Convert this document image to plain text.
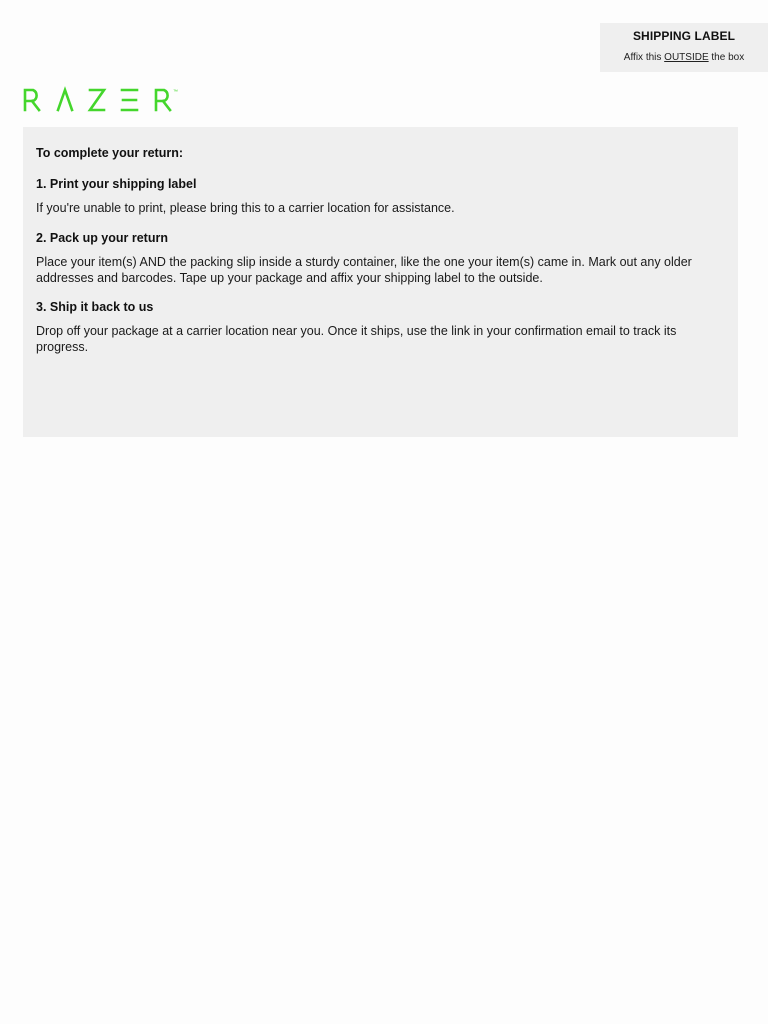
SHIPPING LABEL
Affix this OUTSIDE the box
™
To complete your return:
1. Print your shipping label
If you're unable to print, please bring this to a carrier location for assistance.
2. Pack up your return
Place your item(s) AND the packing slip inside a sturdy container, like the one your item(s) came in. Mark out any older addresses and barcodes. Tape up your package and affix your shipping label to the outside.
3. Ship it back to us
Drop off your package at a carrier location near you. Once it ships, use the link in your confirmation email to track its progress.
